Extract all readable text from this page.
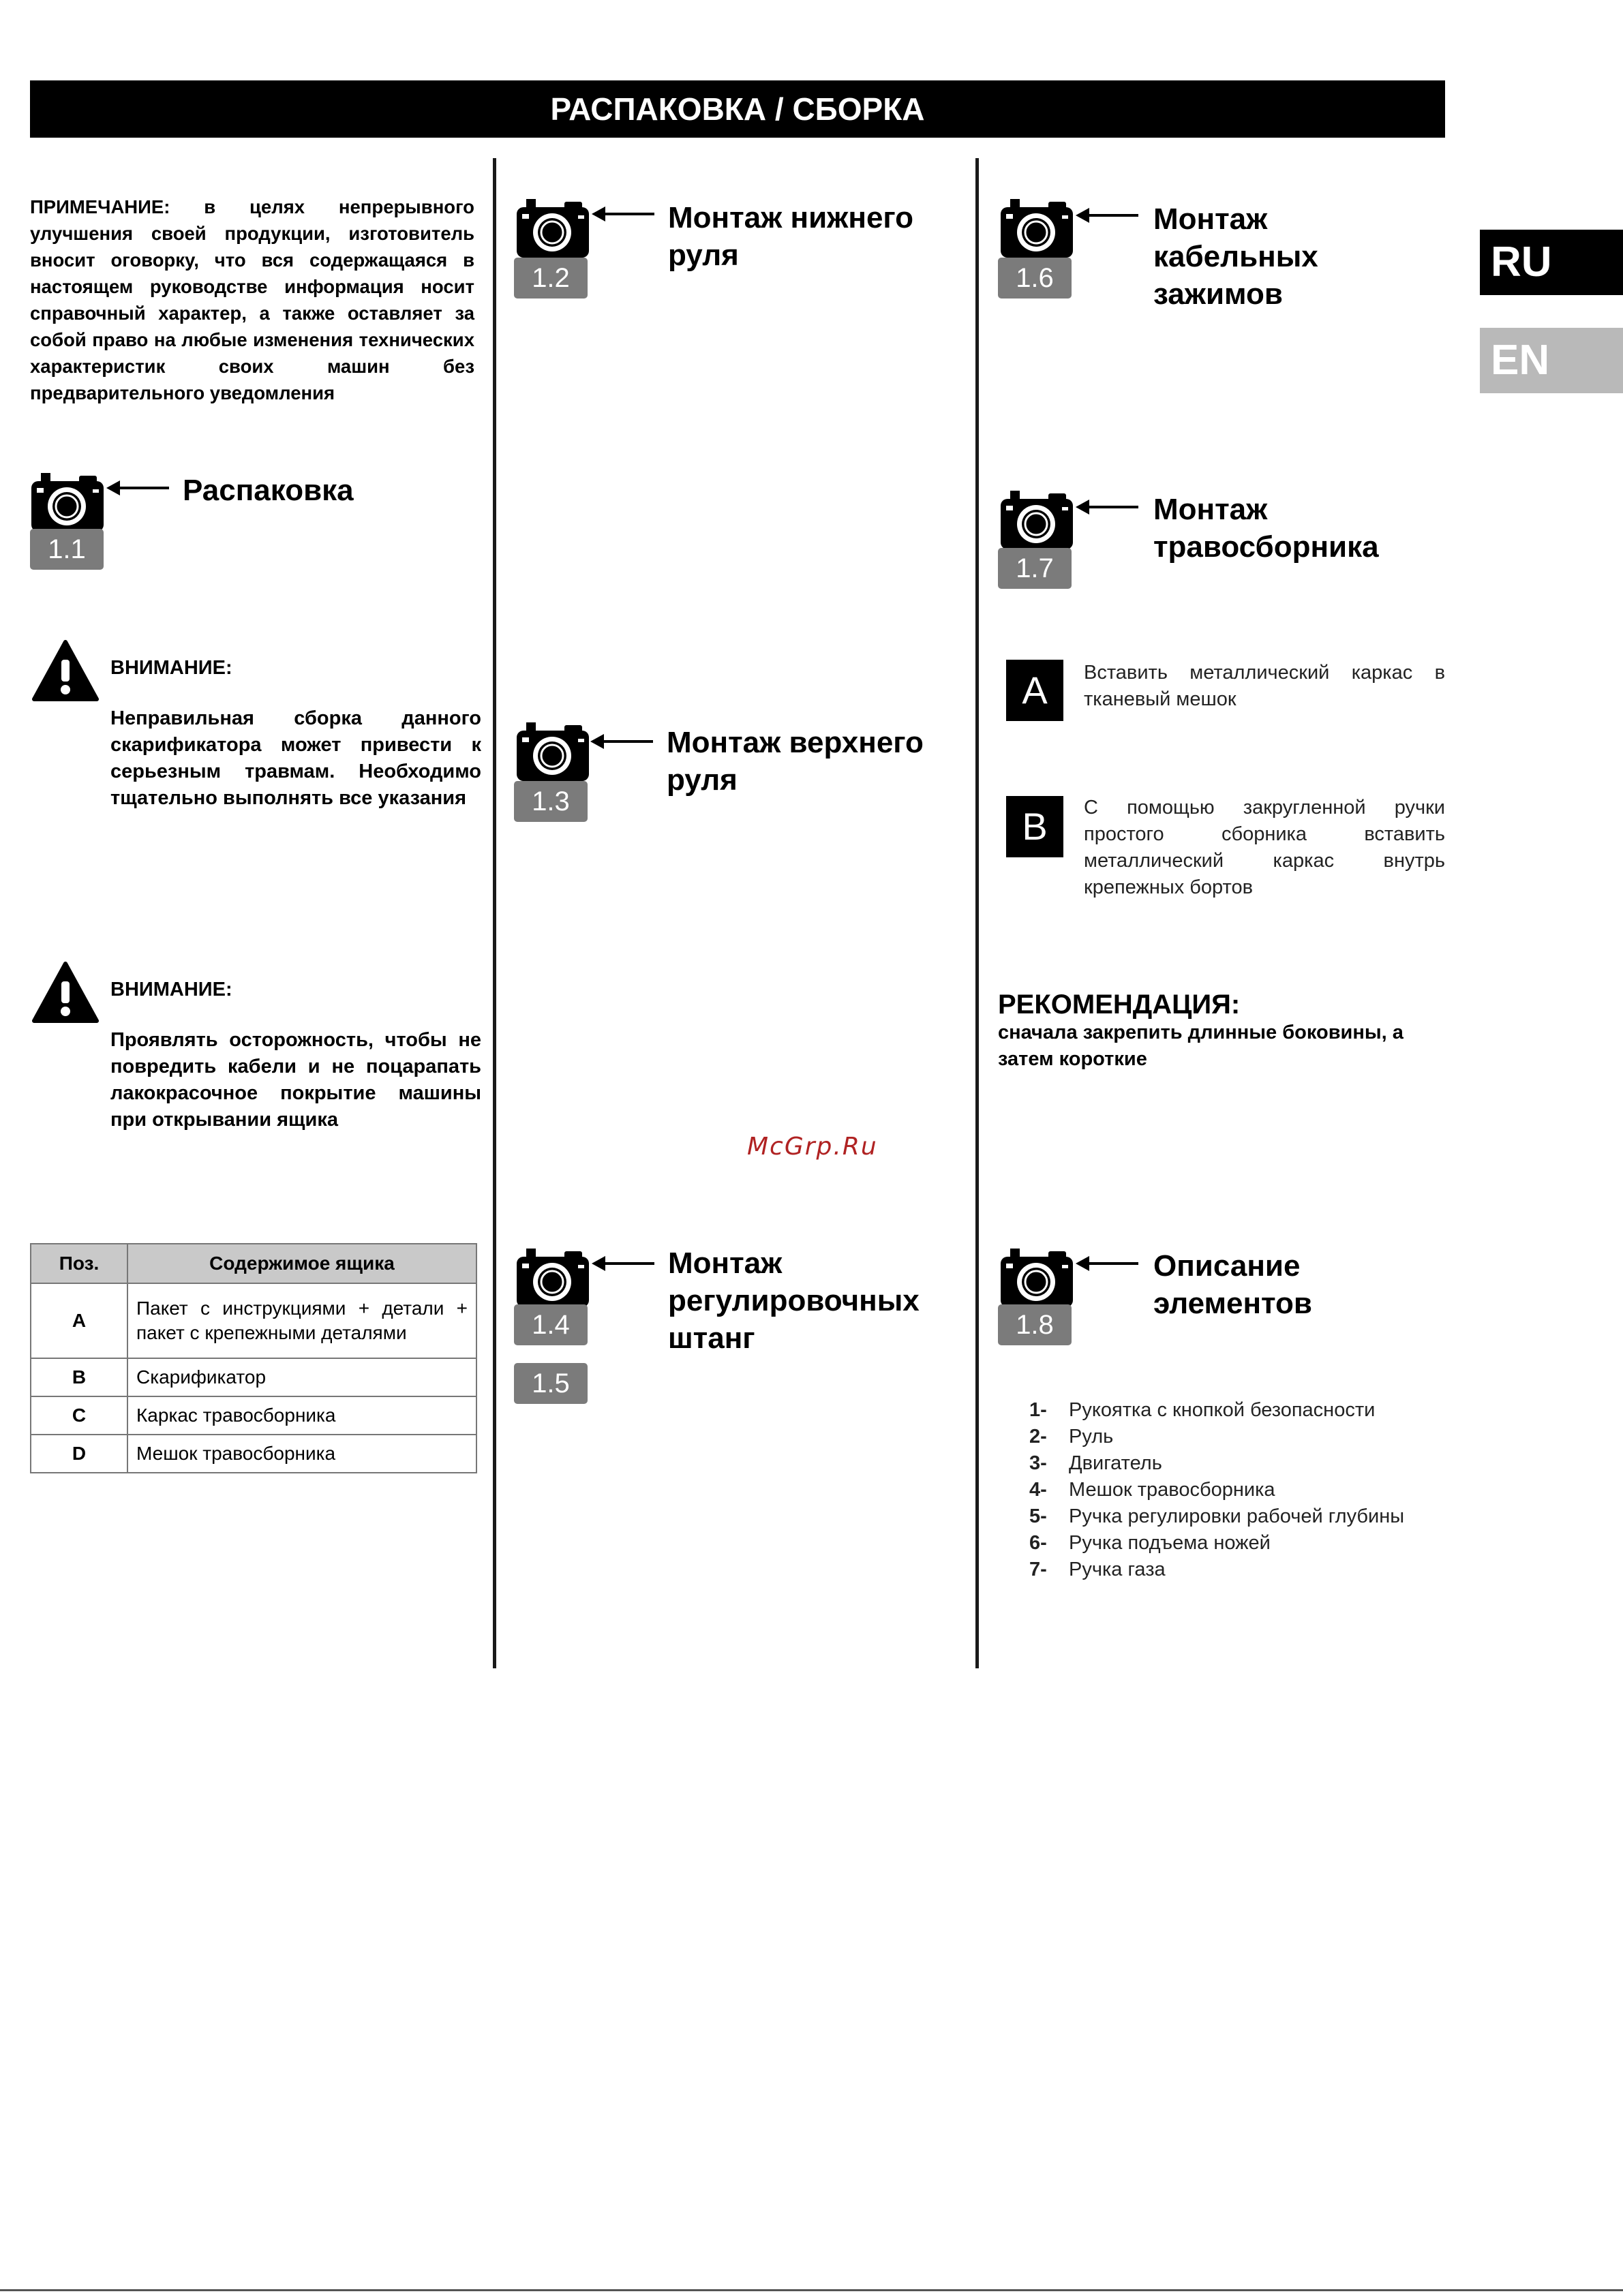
РАСПАКОВКА / СБОРКА
RU
EN
ПРИМЕЧАНИЕ: в целях непрерывного улучшения своей продукции, изготовитель вносит оговорку, что вся содержащаяся в настоящем руководстве информация носит справочный характер, а также оставляет за собой право на любые изменения технических характеристик своих машин без предварительного уведомления
Распаковка
1.1
ВНИМАНИЕ:
Неправильная сборка данного скарификатора может привести к серьезным травмам. Необходимо тщательно выполнять все указания
ВНИМАНИЕ:
Проявлять осторожность, чтобы не повредить кабели и не поцарапать лакокрасочное покрытие машины при открывании ящика
Поз.	Содержимое ящика
A	Пакет с инструкциями + детали + пакет с крепежными деталями
B	Скарификатор
C	Каркас травосборника
D	Мешок травосборника
Монтаж нижнего руля
1.2
Монтаж верхнего руля
1.3
Монтаж регулировочных штанг
1.4
1.5
McGrp.Ru
Монтаж кабельных зажимов
1.6
Монтаж травосборника
1.7
A	Вставить металлический каркас в тканевый мешок
B	С помощью закругленной ручки простого сборника вставить металлический каркас внутрь крепежных бортов
РЕКОМЕНДАЦИЯ:
сначала закрепить длинные боковины, а затем короткие
Описание элементов
1.8
1-	Рукоятка с кнопкой безопасности
2-	Руль
3-	Двигатель
4-	Мешок травосборника
5-	Ручка регулировки рабочей глубины
6-	Ручка подъема ножей
7-	Ручка газа
